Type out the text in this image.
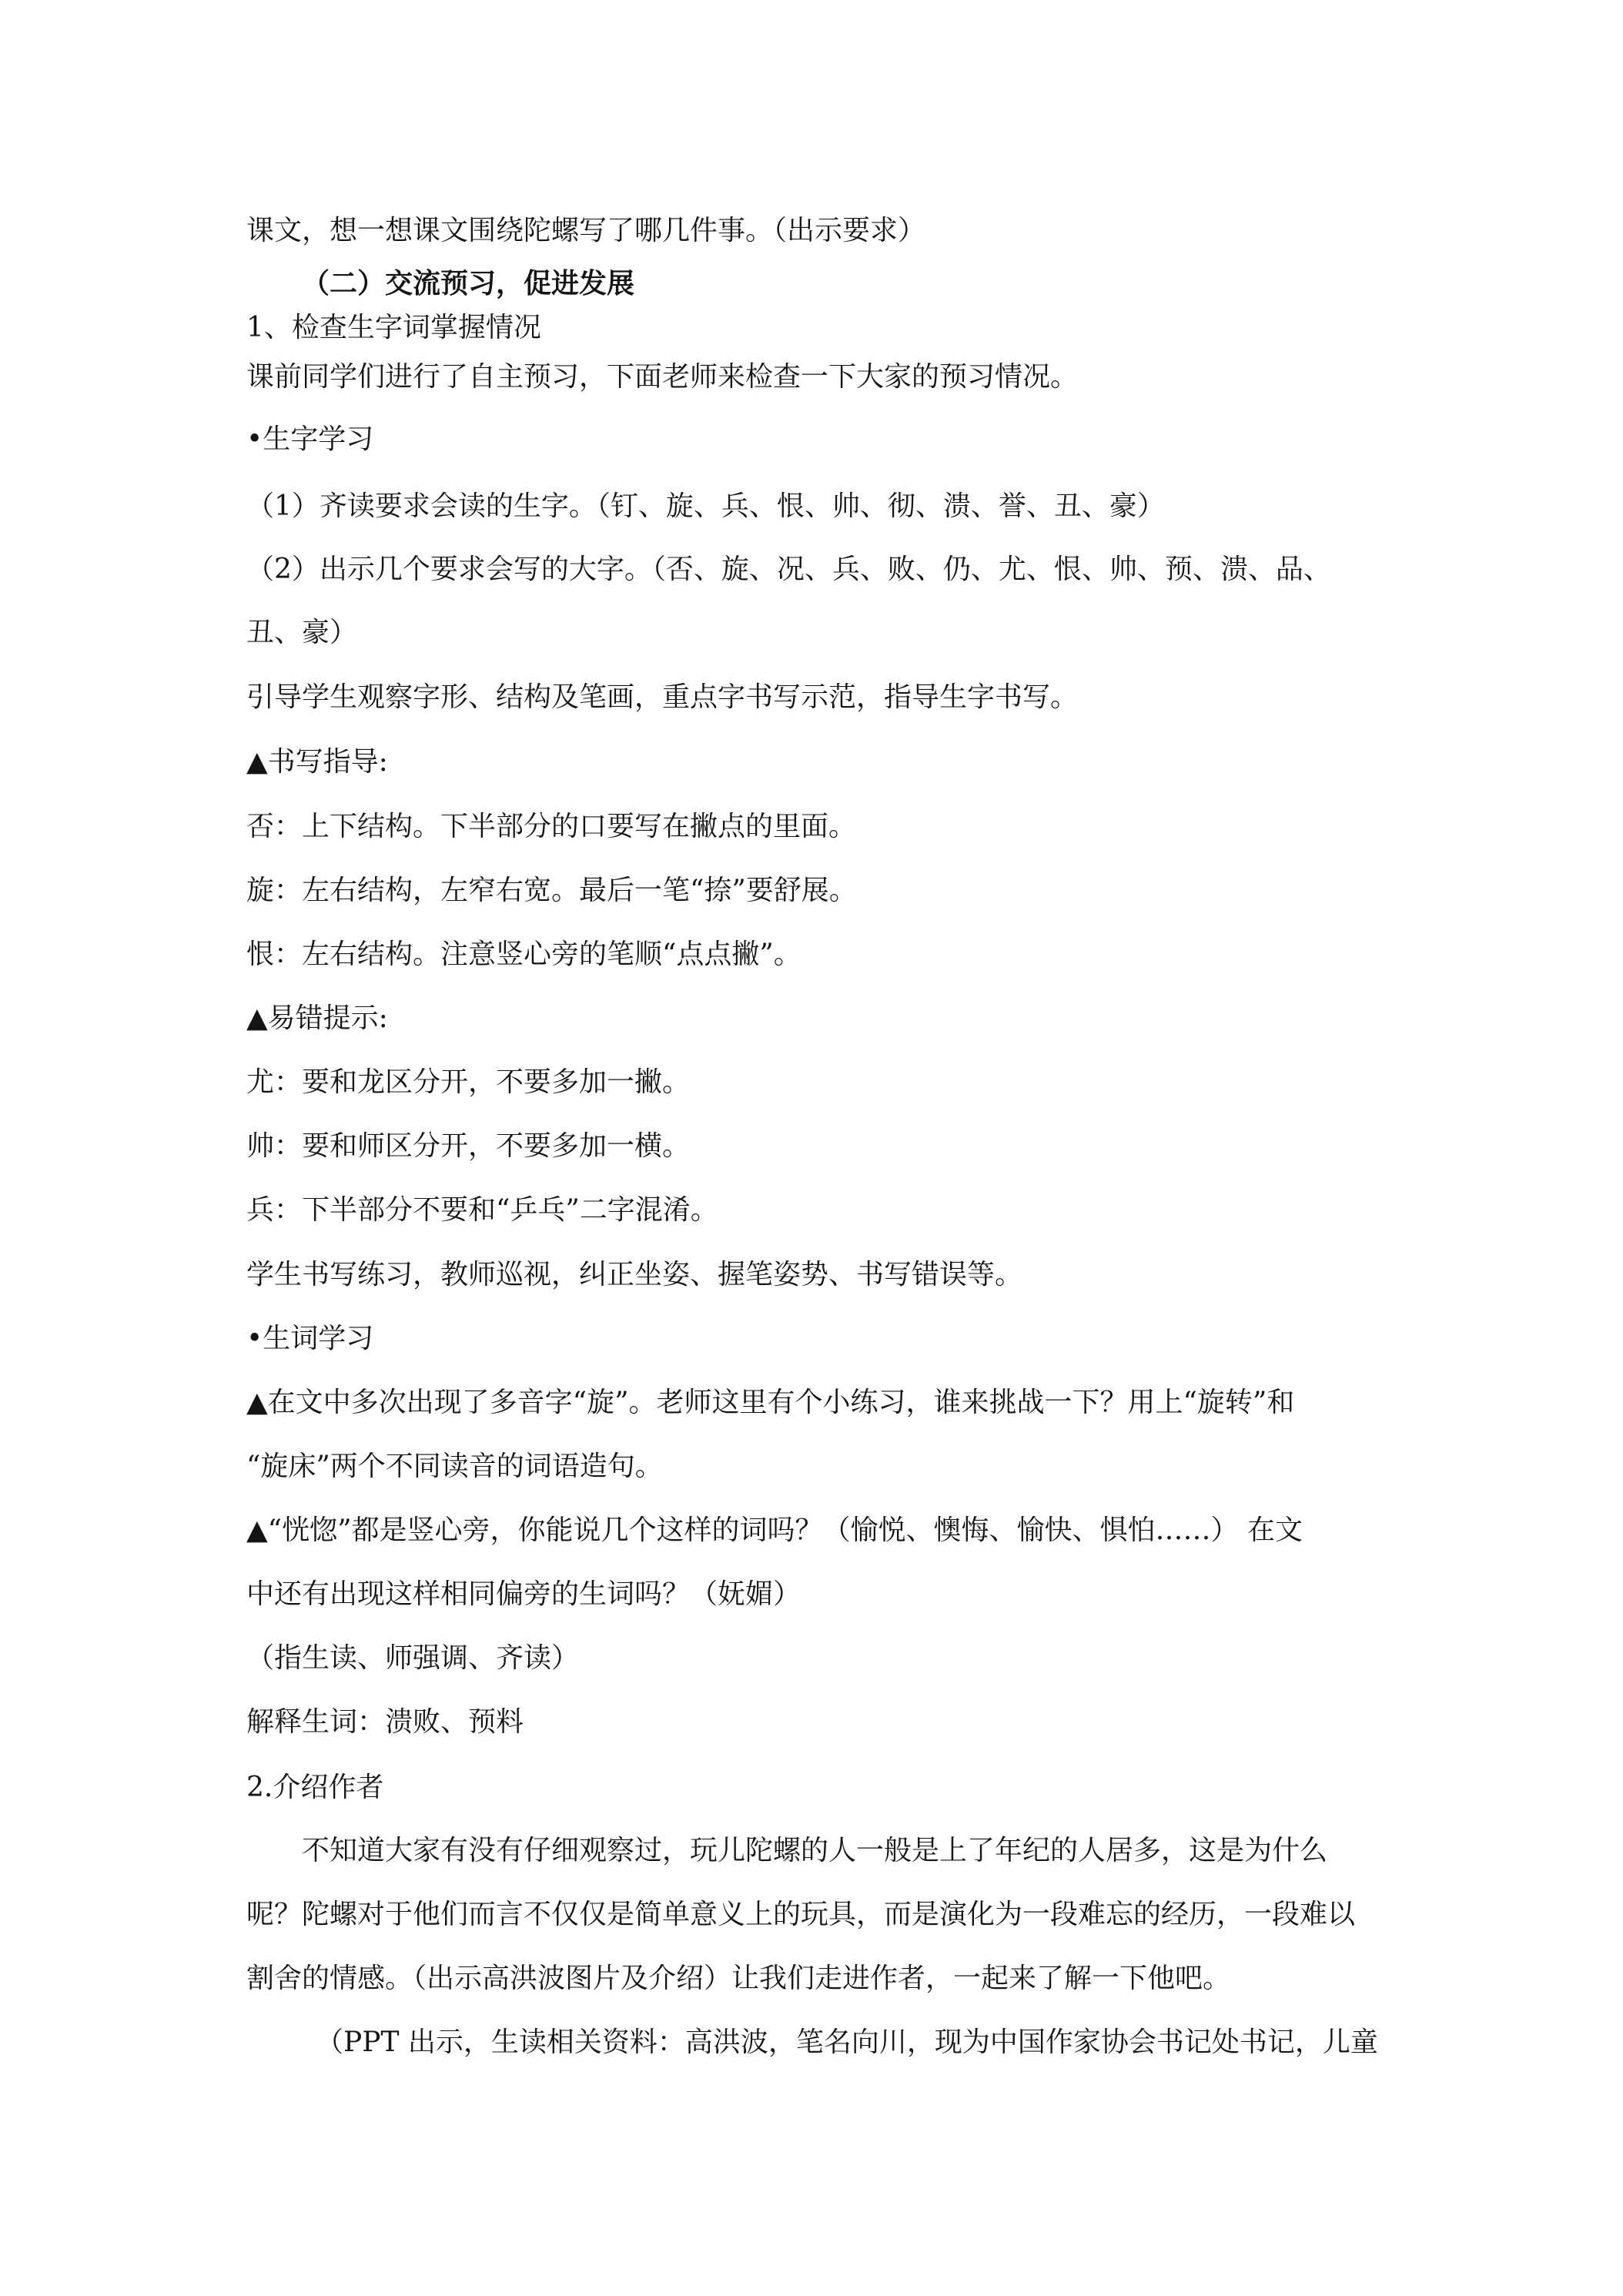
课文，想一想课文围绕陀螺写了哪几件事。（出示要求）
（二）交流预习，促进发展
1、检查生字词掌握情况
课前同学们进行了自主预习，下面老师来检查一下大家的预习情况。
•生字学习
（1）齐读要求会读的生字。（钉、旋、兵、恨、帅、彻、溃、誉、丑、豪）
（2）出示几个要求会写的大字。（否、旋、况、兵、败、仍、尤、恨、帅、预、溃、品、
丑、豪）
引导学生观察字形、结构及笔画，重点字书写示范，指导生字书写。
▲书写指导:
否：上下结构。下半部分的口要写在撇点的里面。
旋：左右结构，左窄右宽。最后一笔“捺”要舒展。
恨：左右结构。注意竖心旁的笔顺“点点撇”。
▲易错提示:
尤：要和龙区分开，不要多加一撇。
帅：要和师区分开，不要多加一横。
兵：下半部分不要和“乒乓”二字混淆。
学生书写练习，教师巡视，纠正坐姿、握笔姿势、书写错误等。
•生词学习
▲在文中多次出现了多音字“旋”。老师这里有个小练习，谁来挑战一下？用上“旋转”和
“旋床”两个不同读音的词语造句。
▲“恍惚”都是竖心旁，你能说几个这样的词吗？（愉悦、懊悔、愉快、惧怕……） 在文
中还有出现这样相同偏旁的生词吗？（妩媚）
（指生读、师强调、齐读）
解释生词：溃败、预料
2.介绍作者
不知道大家有没有仔细观察过，玩儿陀螺的人一般是上了年纪的人居多，这是为什么
呢？陀螺对于他们而言不仅仅是简单意义上的玩具，而是演化为一段难忘的经历，一段难以
割舍的情感。（出示高洪波图片及介绍）让我们走进作者，一起来了解一下他吧。
（PPT 出示，生读相关资料：高洪波，笔名向川，现为中国作家协会书记处书记，儿童
